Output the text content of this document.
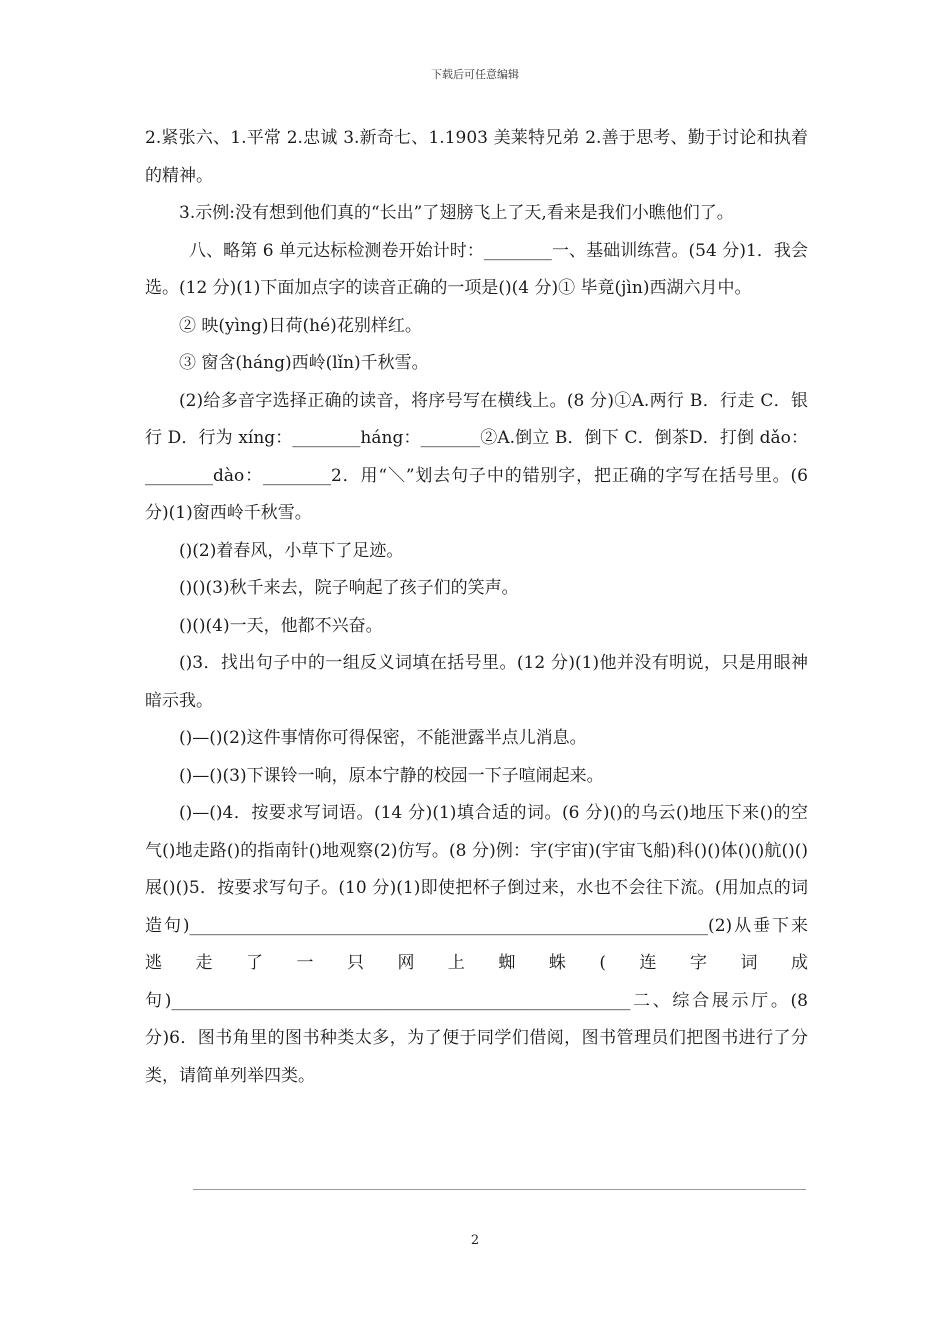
下载后可任意编辑

2.紧张六、1.平常 2.忠诚 3.新奇七、1.1903 美莱特兄弟 2.善于思考、勤于讨论和执着的精神。

3.示例:没有想到他们真的“长出”了翅膀飞上了天,看来是我们小瞧他们了。

八、略第 6 单元达标检测卷开始计时：________一、基础训练营。(54 分)1．我会选。(12 分)(1)下面加点字的读音正确的一项是()(4 分)① 毕竟(jìn)西湖六月中。

② 映(yìng)日荷(hé)花别样红。

③ 窗含(háng)西岭(lǐn)千秋雪。

(2)给多音字选择正确的读音，将序号写在横线上。(8 分)①A.两行 B．行走 C．银行 D．行为 xíng：________háng：_______②A.倒立 B．倒下 C．倒茶D．打倒 dǎo：________dào：________2．用“＼”划去句子中的错别字，把正确的字写在括号里。(6 分)(1)窗西岭千秋雪。

()(2)着春风，小草下了足迹。

()()(3)秋千来去，院子响起了孩子们的笑声。

()()(4)一天，他都不兴奋。

()3．找出句子中的一组反义词填在括号里。(12 分)(1)他并没有明说，只是用眼神暗示我。

()—()(2)这件事情你可得保密，不能泄露半点儿消息。

()—()(3)下课铃一响，原本宁静的校园一下子喧闹起来。

()—()4．按要求写词语。(14 分)(1)填合适的词。(6 分)()的乌云()地压下来()的空气()地走路()的指南针()地观察(2)仿写。(8 分)例：宇(宇宙)(宇宙飞船)科()()体()()航()()展()()5．按要求写句子。(10 分)(1)即使把杯子倒过来，水也不会往下流。(用加点的词造句)_____________________________________________________________(2)从垂下来逃走了一只网上蜘蛛(连字词成句)______________________________________________________二、综合展示厅。(8 分)6．图书角里的图书种类太多，为了便于同学们借阅，图书管理员们把图书进行了分类，请简单列举四类。

2
